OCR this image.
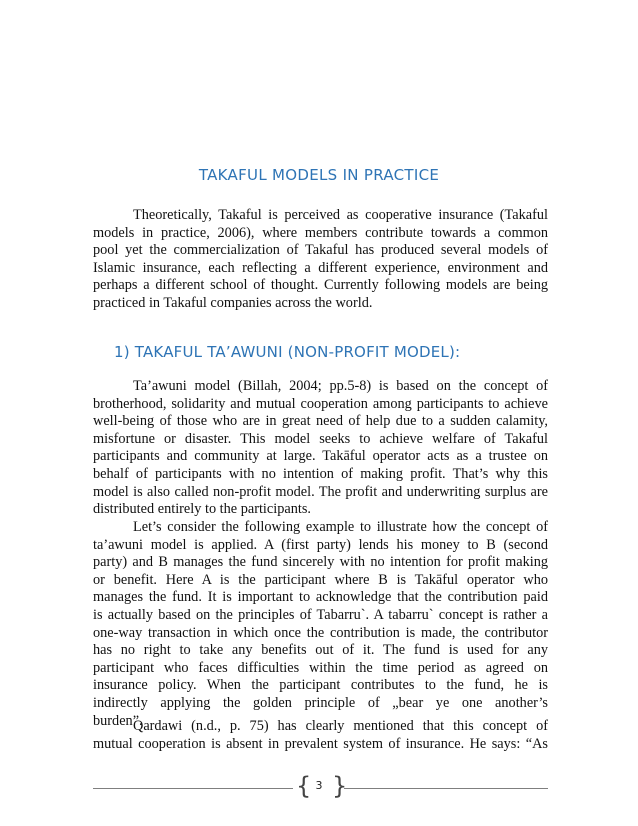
TAKAFUL MODELS IN PRACTICE
Theoretically, Takaful is perceived as cooperative insurance (Takaful
models in practice, 2006), where members contribute towards a common
pool yet the commercialization of Takaful has produced several models of
Islamic insurance, each reflecting a different experience, environment and
perhaps a different school of thought. Currently following models are being
practiced in Takaful companies across the world.
1) TAKAFUL TA’AWUNI (NON-PROFIT MODEL):
Ta’awuni model (Billah, 2004; pp.5-8) is based on the concept of
brotherhood, solidarity and mutual cooperation among participants to achieve
well-being of those who are in great need of help due to a sudden calamity,
misfortune or disaster. This model seeks to achieve welfare of Takaful
participants and community at large. Takāful operator acts as a trustee on
behalf of participants with no intention of making profit. That’s why this
model is also called non-profit model. The profit and underwriting surplus are
distributed entirely to the participants.
Let’s consider the following example to illustrate how the concept of
ta’awuni model is applied. A (first party) lends his money to B (second
party) and B manages the fund sincerely with no intention for profit making
or benefit. Here A is the participant where B is Takāful operator who
manages the fund. It is important to acknowledge that the contribution paid
is actually based on the principles of Tabarru`. A tabarru` concept is rather a
one-way transaction in which once the contribution is made, the contributor
has no right to take any benefits out of it. The fund is used for any
participant who faces difficulties within the time period as agreed on
insurance policy. When the participant contributes to the fund, he is
indirectly applying the golden principle of „bear ye one another’s
burden”.
Qardawi (n.d., p. 75) has clearly mentioned that this concept of
mutual cooperation is absent in prevalent system of insurance. He says: “As
{ 3 }
